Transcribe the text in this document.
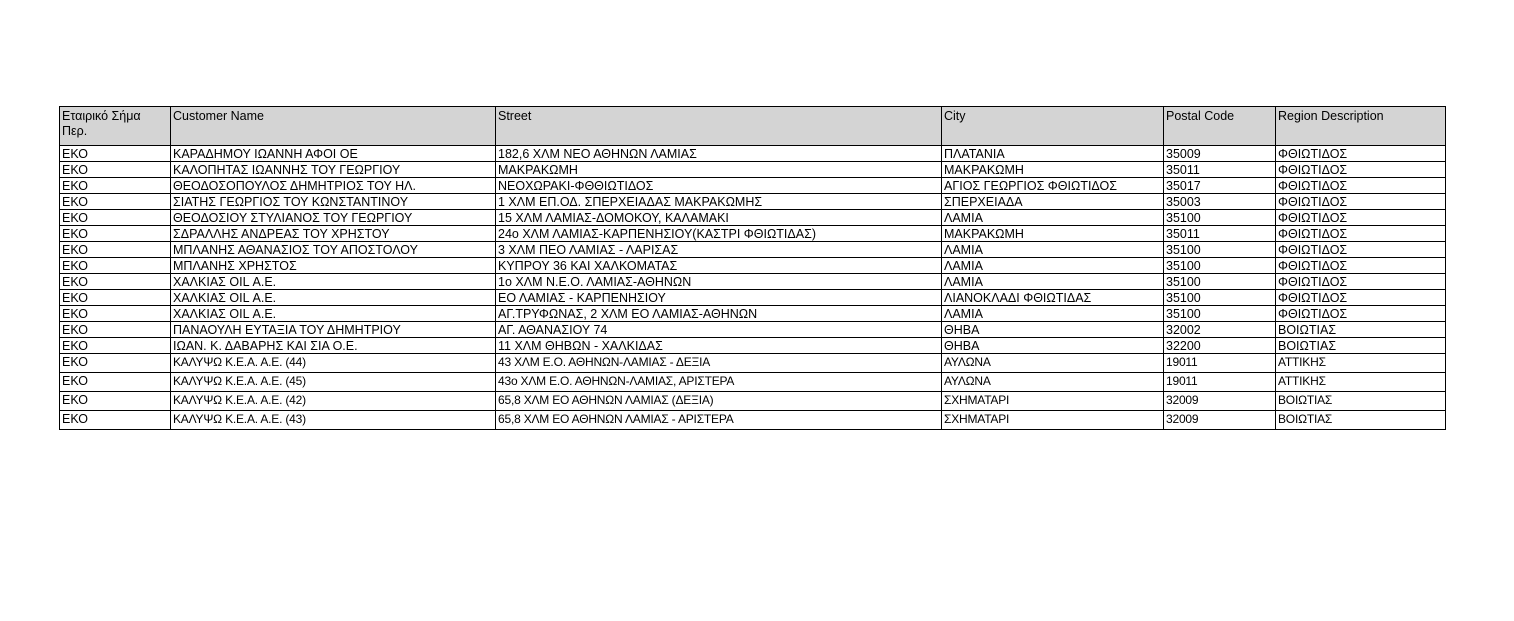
Εταιρικό Σήμα Περ.	Customer Name	Street	City	Postal Code	Region Description
ΕΚΟ	ΚΑΡΑΔΗΜΟΥ ΙΩΑΝΝΗ ΑΦΟΙ ΟΕ	182,6 ΧΛΜ ΝΕΟ ΑΘΗΝΩΝ ΛΑΜΙΑΣ	ΠΛΑΤΑΝΙΑ	35009	ΦΘΙΩΤΙΔΟΣ
ΕΚΟ	ΚΑΛΟΠΗΤΑΣ ΙΩΑΝΝΗΣ ΤΟΥ ΓΕΩΡΓΙΟΥ	ΜΑΚΡΑΚΩΜΗ	ΜΑΚΡΑΚΩΜΗ	35011	ΦΘΙΩΤΙΔΟΣ
ΕΚΟ	ΘΕΟΔΟΣΟΠΟΥΛΟΣ ΔΗΜΗΤΡΙΟΣ ΤΟΥ ΗΛ.	ΝΕΟΧΩΡΑΚΙ-ΦΘΘΙΩΤΙΔΟΣ	ΑΓΙΟΣ ΓΕΩΡΓΙΟΣ ΦΘΙΩΤΙΔΟΣ	35017	ΦΘΙΩΤΙΔΟΣ
ΕΚΟ	ΣΙΑΤΗΣ ΓΕΩΡΓΙΟΣ ΤΟΥ ΚΩΝΣΤΑΝΤΙΝΟΥ	1 ΧΛΜ ΕΠ.ΟΔ. ΣΠΕΡΧΕΙΑΔΑΣ ΜΑΚΡΑΚΩΜΗΣ	ΣΠΕΡΧΕΙΑΔΑ	35003	ΦΘΙΩΤΙΔΟΣ
ΕΚΟ	ΘΕΟΔΟΣΙΟΥ ΣΤΥΛΙΑΝΟΣ ΤΟΥ ΓΕΩΡΓΙΟΥ	15 ΧΛΜ ΛΑΜΙΑΣ-ΔΟΜΟΚΟΥ, ΚΑΛΑΜΑΚΙ	ΛΑΜΙΑ	35100	ΦΘΙΩΤΙΔΟΣ
ΕΚΟ	ΣΔΡΑΛΛΗΣ ΑΝΔΡΕΑΣ ΤΟΥ ΧΡΗΣΤΟΥ	24ο ΧΛΜ ΛΑΜΙΑΣ-ΚΑΡΠΕΝΗΣΙΟΥ(ΚΑΣΤΡΙ ΦΘΙΩΤΙΔΑΣ)	ΜΑΚΡΑΚΩΜΗ	35011	ΦΘΙΩΤΙΔΟΣ
ΕΚΟ	ΜΠΛΑΝΗΣ ΑΘΑΝΑΣΙΟΣ ΤΟΥ ΑΠΟΣΤΟΛΟΥ	3 ΧΛΜ ΠΕΟ ΛΑΜΙΑΣ - ΛΑΡΙΣΑΣ	ΛΑΜΙΑ	35100	ΦΘΙΩΤΙΔΟΣ
ΕΚΟ	ΜΠΛΑΝΗΣ ΧΡΗΣΤΟΣ	ΚΥΠΡΟΥ 36 ΚΑΙ ΧΑΛΚΟΜΑΤΑΣ	ΛΑΜΙΑ	35100	ΦΘΙΩΤΙΔΟΣ
ΕΚΟ	ΧΑΛΚΙΑΣ OIL Α.Ε.	1ο ΧΛΜ Ν.Ε.Ο. ΛΑΜΙΑΣ-ΑΘΗΝΩΝ	ΛΑΜΙΑ	35100	ΦΘΙΩΤΙΔΟΣ
ΕΚΟ	ΧΑΛΚΙΑΣ OIL Α.Ε.	ΕΟ ΛΑΜΙΑΣ - ΚΑΡΠΕΝΗΣΙΟΥ	ΛΙΑΝΟΚΛΑΔΙ ΦΘΙΩΤΙΔΑΣ	35100	ΦΘΙΩΤΙΔΟΣ
ΕΚΟ	ΧΑΛΚΙΑΣ OIL Α.Ε.	ΑΓ.ΤΡΥΦΩΝΑΣ, 2 ΧΛΜ ΕΟ ΛΑΜΙΑΣ-ΑΘΗΝΩΝ	ΛΑΜΙΑ	35100	ΦΘΙΩΤΙΔΟΣ
ΕΚΟ	ΠΑΝΑΟΥΛΗ ΕΥΤΑΞΙΑ ΤΟΥ ΔΗΜΗΤΡΙΟΥ	ΑΓ. ΑΘΑΝΑΣΙΟΥ 74	ΘΗΒΑ	32002	ΒΟΙΩΤΙΑΣ
ΕΚΟ	ΙΩΑΝ. Κ. ΔΑΒΑΡΗΣ ΚΑΙ ΣΙΑ Ο.Ε.	11 ΧΛΜ ΘΗΒΩΝ - ΧΑΛΚΙΔΑΣ	ΘΗΒΑ	32200	ΒΟΙΩΤΙΑΣ
ΕΚΟ	ΚΑΛΥΨΩ Κ.Ε.Α. Α.Ε. (44)	43 ΧΛΜ Ε.Ο. ΑΘΗΝΩΝ-ΛΑΜΙΑΣ - ΔΕΞΙΑ	ΑΥΛΩΝΑ	19011	ΑΤΤΙΚΗΣ
ΕΚΟ	ΚΑΛΥΨΩ Κ.Ε.Α. Α.Ε. (45)	43ο ΧΛΜ Ε.Ο. ΑΘΗΝΩΝ-ΛΑΜΙΑΣ, ΑΡΙΣΤΕΡΑ	ΑΥΛΩΝΑ	19011	ΑΤΤΙΚΗΣ
ΕΚΟ	ΚΑΛΥΨΩ Κ.Ε.Α. Α.Ε. (42)	65,8 ΧΛΜ ΕΟ ΑΘΗΝΩΝ ΛΑΜΙΑΣ (ΔΕΞΙΑ)	ΣΧΗΜΑΤΑΡΙ	32009	ΒΟΙΩΤΙΑΣ
ΕΚΟ	ΚΑΛΥΨΩ Κ.Ε.Α. Α.Ε. (43)	65,8 ΧΛΜ ΕΟ ΑΘΗΝΩΝ ΛΑΜΙΑΣ - ΑΡΙΣΤΕΡΑ	ΣΧΗΜΑΤΑΡΙ	32009	ΒΟΙΩΤΙΑΣ
